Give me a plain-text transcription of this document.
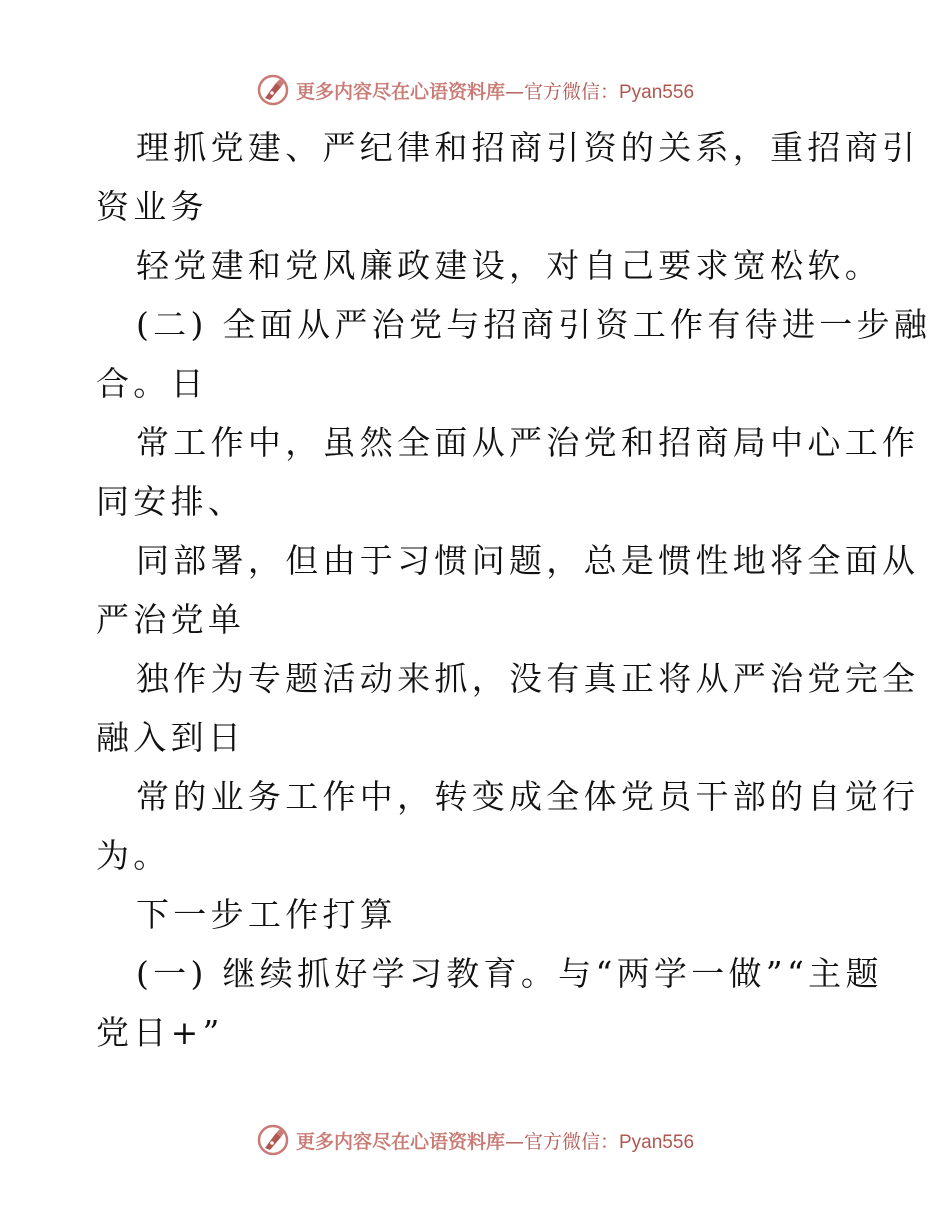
更多内容尽在心语资料库—官方微信：Pyan556
理抓党建、严纪律和招商引资的关系，重招商引
资业务
轻党建和党风廉政建设，对自己要求宽松软。
(二) 全面从严治党与招商引资工作有待进一步融
合。日
常工作中，虽然全面从严治党和招商局中心工作
同安排、
同部署，但由于习惯问题，总是惯性地将全面从
严治党单
独作为专题活动来抓，没有真正将从严治党完全
融入到日
常的业务工作中，转变成全体党员干部的自觉行
为。
下一步工作打算
(一) 继续抓好学习教育。与“两学一做”“主题
党日+”
更多内容尽在心语资料库—官方微信：Pyan556
